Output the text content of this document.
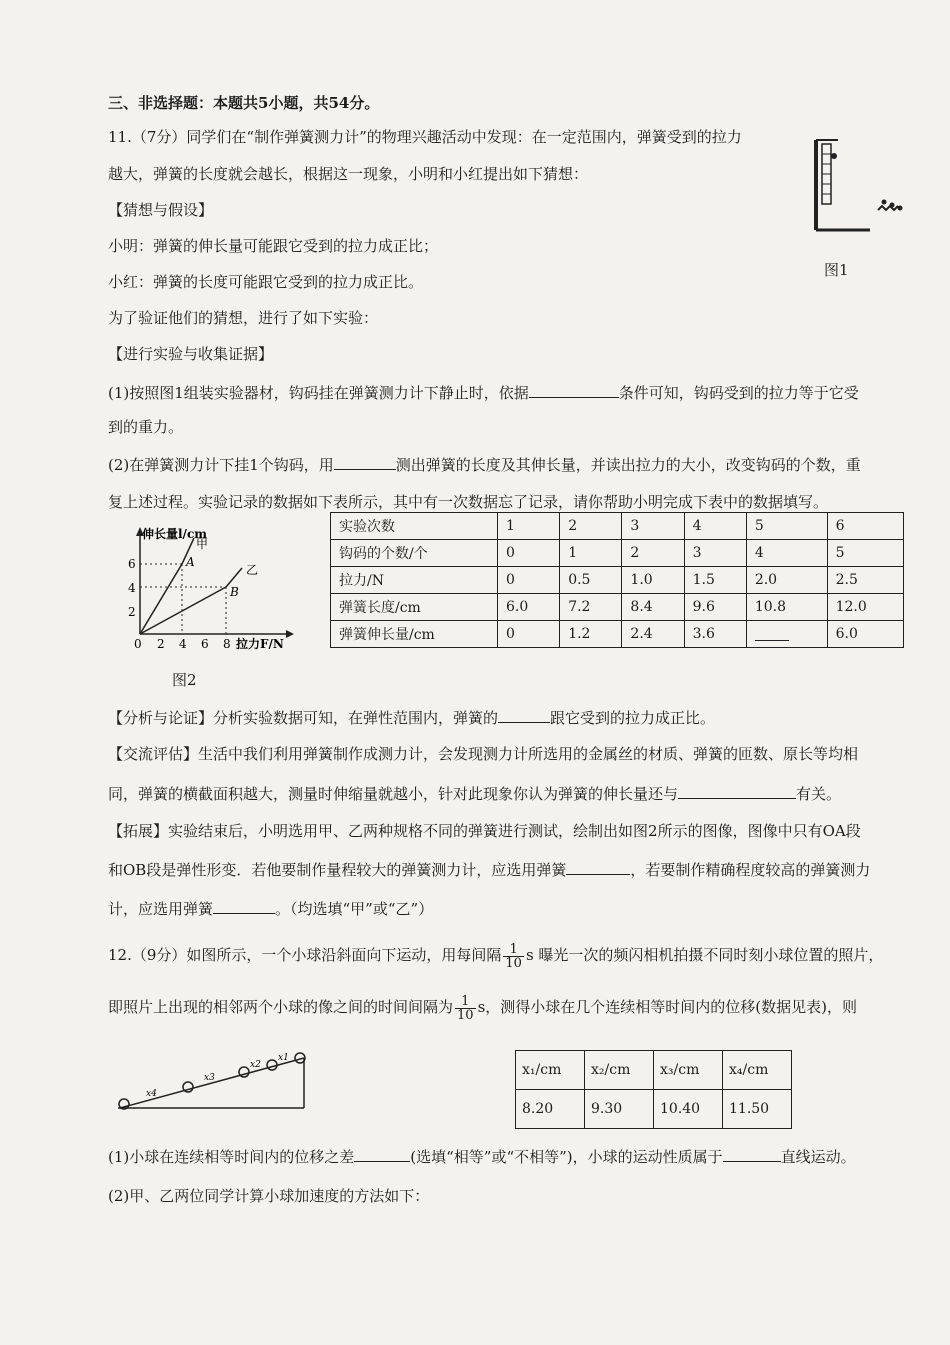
三、非选择题：本题共5小题，共54分。
11.（7分）同学们在“制作弹簧测力计”的物理兴趣活动中发现：在一定范围内，弹簧受到的拉力
越大，弹簧的长度就会越长，根据这一现象，小明和小红提出如下猜想：
【猜想与假设】
小明：弹簧的伸长量可能跟它受到的拉力成正比；
小红：弹簧的长度可能跟它受到的拉力成正比。
为了验证他们的猜想，进行了如下实验：
【进行实验与收集证据】
图1
(1)按照图1组装实验器材，钩码挂在弹簧测力计下静止时，依据	条件可知，钩码受到的拉力等于它受
到的重力。
(2)在弹簧测力计下挂1个钩码，用	测出弹簧的长度及其伸长量，并读出拉力的大小，改变钩码的个数，重
复上述过程。实验记录的数据如下表所示，其中有一次数据忘了记录，请你帮助小明完成下表中的数据填写。
伸长量l/cm
2
4
6
0 2 4 6 8 拉力F/N
甲
乙
A
B
图2
实验次数	1	2	3	4	5	6
钩码的个数/个	0	1	2	3	4	5
拉力/N	0	0.5	1.0	1.5	2.0	2.5
弹簧长度/cm	6.0	7.2	8.4	9.6	10.8	12.0
弹簧伸长量/cm	0	1.2	2.4	3.6		6.0
【分析与论证】分析实验数据可知，在弹性范围内，弹簧的	跟它受到的拉力成正比。
【交流评估】生活中我们利用弹簧制作成测力计，会发现测力计所选用的金属丝的材质、弹簧的匝数、原长等均相
同，弹簧的横截面积越大，测量时伸缩量就越小，针对此现象你认为弹簧的伸长量还与	有关。
【拓展】实验结束后，小明选用甲、乙两种规格不同的弹簧进行测试，绘制出如图2所示的图像，图像中只有OA段
和OB段是弹性形变．若他要制作量程较大的弹簧测力计，应选用弹簧	，若要制作精确程度较高的弹簧测力
计，应选用弹簧	。（均选填“甲”或“乙”）
12.（9分）如图所示，一个小球沿斜面向下运动，用每间隔 $\frac{1}{10}$ s 曝光一次的频闪相机拍摄不同时刻小球位置的照片，
即照片上出现的相邻两个小球的像之间的时间间隔为 $\frac{1}{10}$ s，测得小球在几个连续相等时间内的位移(数据见表)，则
x4
x3
x2
x1
x₁/cm	x₂/cm	x₃/cm	x₄/cm
8.20	9.30	10.40	11.50
(1)小球在连续相等时间内的位移之差	(选填“相等”或“不相等”)，小球的运动性质属于	直线运动。
(2)甲、乙两位同学计算小球加速度的方法如下：
